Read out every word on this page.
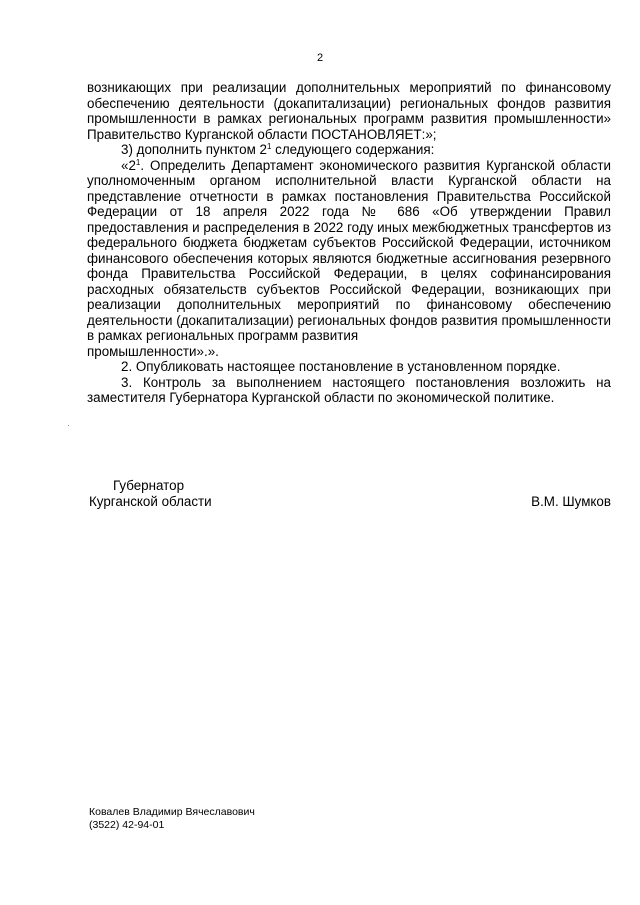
2

возникающих при реализации дополнительных мероприятий по финансовому обеспечению деятельности (докапитализации) региональных фондов развития промышленности в рамках региональных программ развития промышленности» Правительство Курганской области ПОСТАНОВЛЯЕТ:»;

3) дополнить пунктом $2^1$ следующего содержания:

«$2^1$. Определить Департамент экономического развития Курганской области уполномоченным органом исполнительной власти Курганской области на представление отчетности в рамках постановления Правительства Российской Федерации от 18 апреля 2022 года № 686 «Об утверждении Правил предоставления и распределения в 2022 году иных межбюджетных трансфертов из федерального бюджета бюджетам субъектов Российской Федерации, источником финансового обеспечения которых являются бюджетные ассигнования резервного фонда Правительства Российской Федерации, в целях софинансирования расходных обязательств субъектов Российской Федерации, возникающих при реализации дополнительных мероприятий по финансовому обеспечению деятельности (докапитализации) региональных фондов развития промышленности в рамках региональных программ развития

промышленности».».

2. Опубликовать настоящее постановление в установленном порядке.

3. Контроль за выполнением настоящего постановления возложить на заместителя Губернатора Курганской области по экономической политике.

Губернатор
Курганской области	В.М. Шумков
Ковалев Владимир Вячеславович
(3522) 42-94-01
